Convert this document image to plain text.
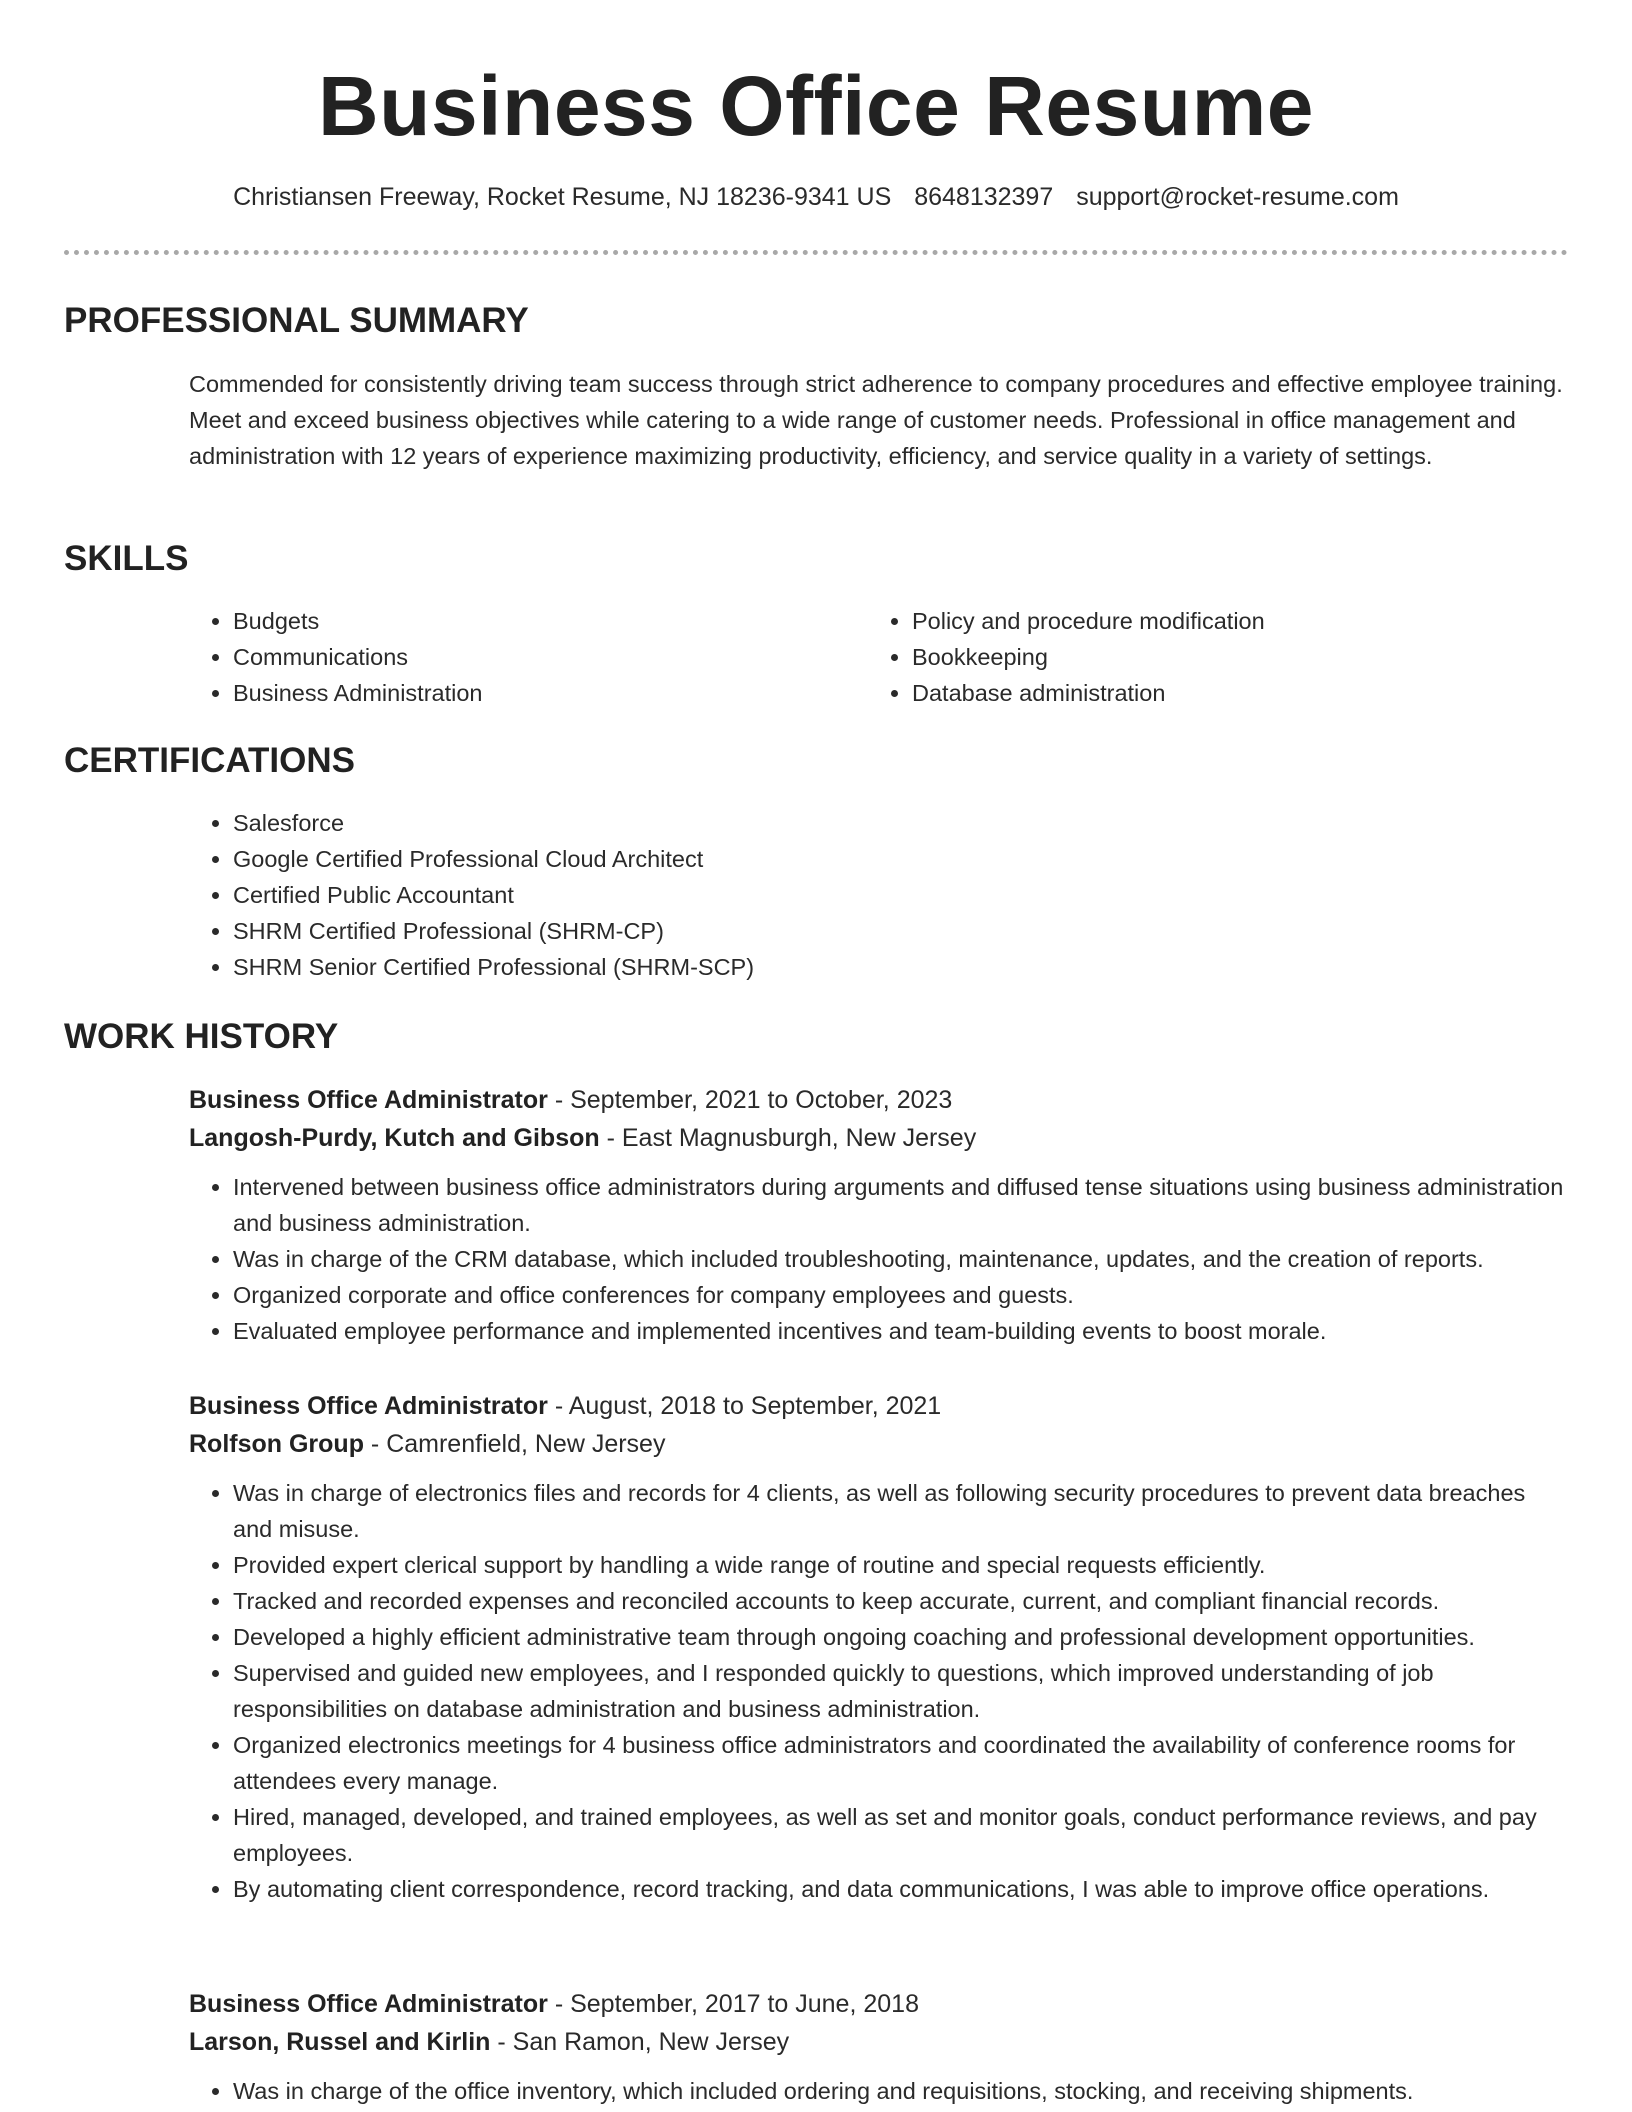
Business Office Resume
Christiansen Freeway, Rocket Resume, NJ 18236-9341 US 8648132397 support@rocket-resume.com
PROFESSIONAL SUMMARY
Commended for consistently driving team success through strict adherence to company procedures and effective employee training. Meet and exceed business objectives while catering to a wide range of customer needs. Professional in office management and administration with 12 years of experience maximizing productivity, efficiency, and service quality in a variety of settings.
SKILLS
• Budgets
• Communications
• Business Administration
• Policy and procedure modification
• Bookkeeping
• Database administration
CERTIFICATIONS
• Salesforce
• Google Certified Professional Cloud Architect
• Certified Public Accountant
• SHRM Certified Professional (SHRM-CP)
• SHRM Senior Certified Professional (SHRM-SCP)
WORK HISTORY
Business Office Administrator - September, 2021 to October, 2023
Langosh-Purdy, Kutch and Gibson - East Magnusburgh, New Jersey
• Intervened between business office administrators during arguments and diffused tense situations using business administration and business administration.
• Was in charge of the CRM database, which included troubleshooting, maintenance, updates, and the creation of reports.
• Organized corporate and office conferences for company employees and guests.
• Evaluated employee performance and implemented incentives and team-building events to boost morale.
Business Office Administrator - August, 2018 to September, 2021
Rolfson Group - Camrenfield, New Jersey
• Was in charge of electronics files and records for 4 clients, as well as following security procedures to prevent data breaches and misuse.
• Provided expert clerical support by handling a wide range of routine and special requests efficiently.
• Tracked and recorded expenses and reconciled accounts to keep accurate, current, and compliant financial records.
• Developed a highly efficient administrative team through ongoing coaching and professional development opportunities.
• Supervised and guided new employees, and I responded quickly to questions, which improved understanding of job responsibilities on database administration and business administration.
• Organized electronics meetings for 4 business office administrators and coordinated the availability of conference rooms for attendees every manage.
• Hired, managed, developed, and trained employees, as well as set and monitor goals, conduct performance reviews, and pay employees.
• By automating client correspondence, record tracking, and data communications, I was able to improve office operations.
Business Office Administrator - September, 2017 to June, 2018
Larson, Russel and Kirlin - San Ramon, New Jersey
• Was in charge of the office inventory, which included ordering and requisitions, stocking, and receiving shipments.
